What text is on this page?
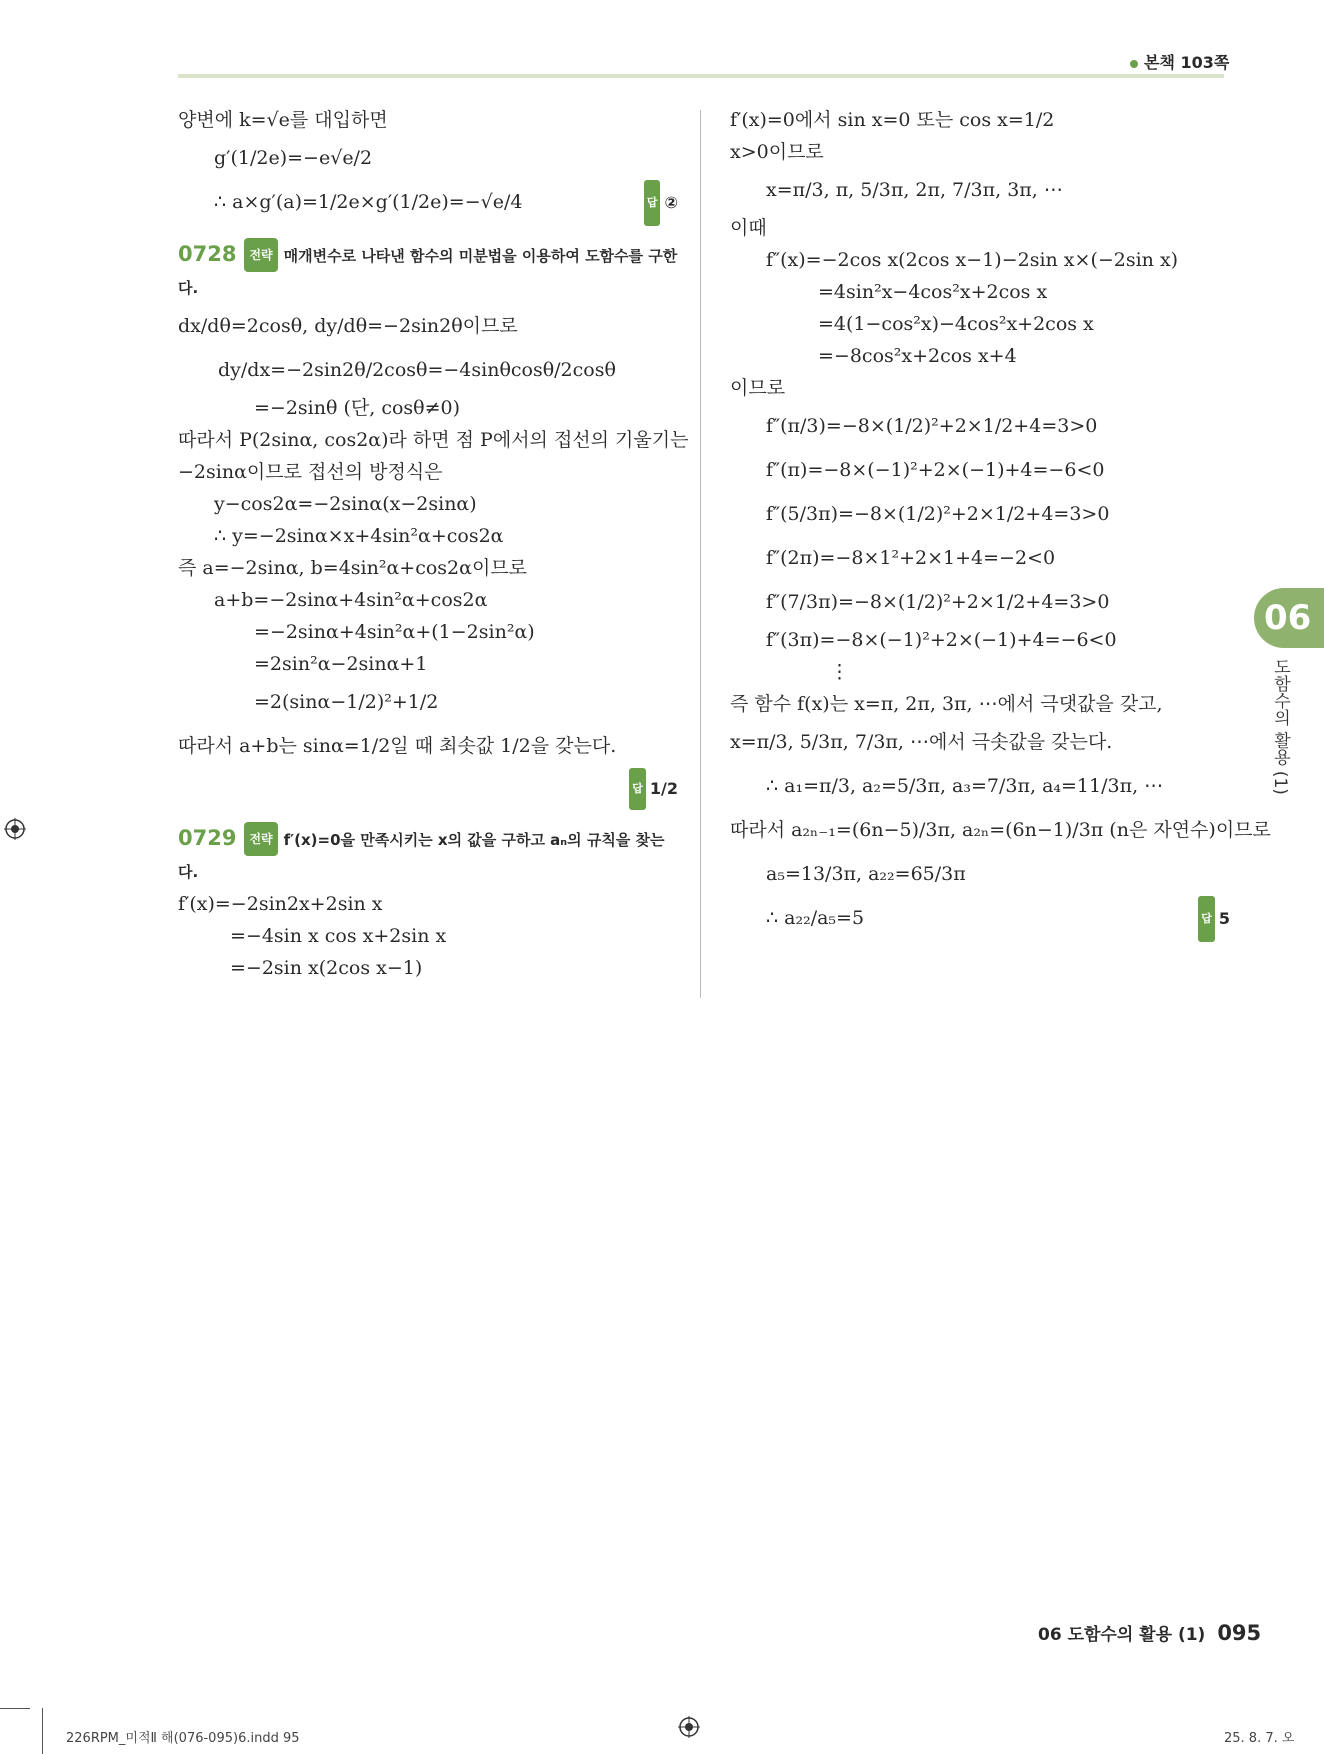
본책 103쪽
양변에 k=√e를 대입하면
g′(1/2e)=−e√e/2
∴ a×g′(a)=1/2e×g′(1/2e)=−√e/4	답 ②
0728 전략 매개변수로 나타낸 함수의 미분법을 이용하여 도함수를 구한다.
dx/dθ=2cosθ, dy/dθ=−2sin2θ이므로
dy/dx=−2sin2θ/2cosθ=−4sinθcosθ/2cosθ
=−2sinθ (단, cosθ≠0)
따라서 P(2sinα, cos2α)라 하면 점 P에서의 접선의 기울기는
−2sinα이므로 접선의 방정식은
y−cos2α=−2sinα(x−2sinα)
∴ y=−2sinα×x+4sin²α+cos2α
즉 a=−2sinα, b=4sin²α+cos2α이므로
a+b=−2sinα+4sin²α+cos2α
=−2sinα+4sin²α+(1−2sin²α)
=2sin²α−2sinα+1
=2(sinα−1/2)²+1/2
따라서 a+b는 sinα=1/2일 때 최솟값 1/2을 갖는다.
답 1/2
0729 전략 f′(x)=0을 만족시키는 x의 값을 구하고 aₙ의 규칙을 찾는다.
f′(x)=−2sin2x+2sin x
=−4sin x cos x+2sin x
=−2sin x(2cos x−1)
f′(x)=0에서 sin x=0 또는 cos x=1/2
x>0이므로
x=π/3, π, 5/3π, 2π, 7/3π, 3π, ⋯
이때
f″(x)=−2cos x(2cos x−1)−2sin x×(−2sin x)
=4sin²x−4cos²x+2cos x
=4(1−cos²x)−4cos²x+2cos x
=−8cos²x+2cos x+4
이므로
f″(π/3)=−8×(1/2)²+2×1/2+4=3>0
f″(π)=−8×(−1)²+2×(−1)+4=−6<0
f″(5/3π)=−8×(1/2)²+2×1/2+4=3>0
f″(2π)=−8×1²+2×1+4=−2<0
f″(7/3π)=−8×(1/2)²+2×1/2+4=3>0
f″(3π)=−8×(−1)²+2×(−1)+4=−6<0
⋮
즉 함수 f(x)는 x=π, 2π, 3π, ⋯에서 극댓값을 갖고,
x=π/3, 5/3π, 7/3π, ⋯에서 극솟값을 갖는다.
∴ a₁=π/3, a₂=5/3π, a₃=7/3π, a₄=11/3π, ⋯
따라서 a₂ₙ₋₁=(6n−5)/3π, a₂ₙ=(6n−1)/3π (n은 자연수)이므로
a₅=13/3π, a₂₂=65/3π
∴ a₂₂/a₅=5	답 5
06
도함수의 활용 (1)
06 도함수의 활용 (1) 095
226RPM_미적Ⅱ 해(076-095)6.indd 95	25. 8. 7. 오
